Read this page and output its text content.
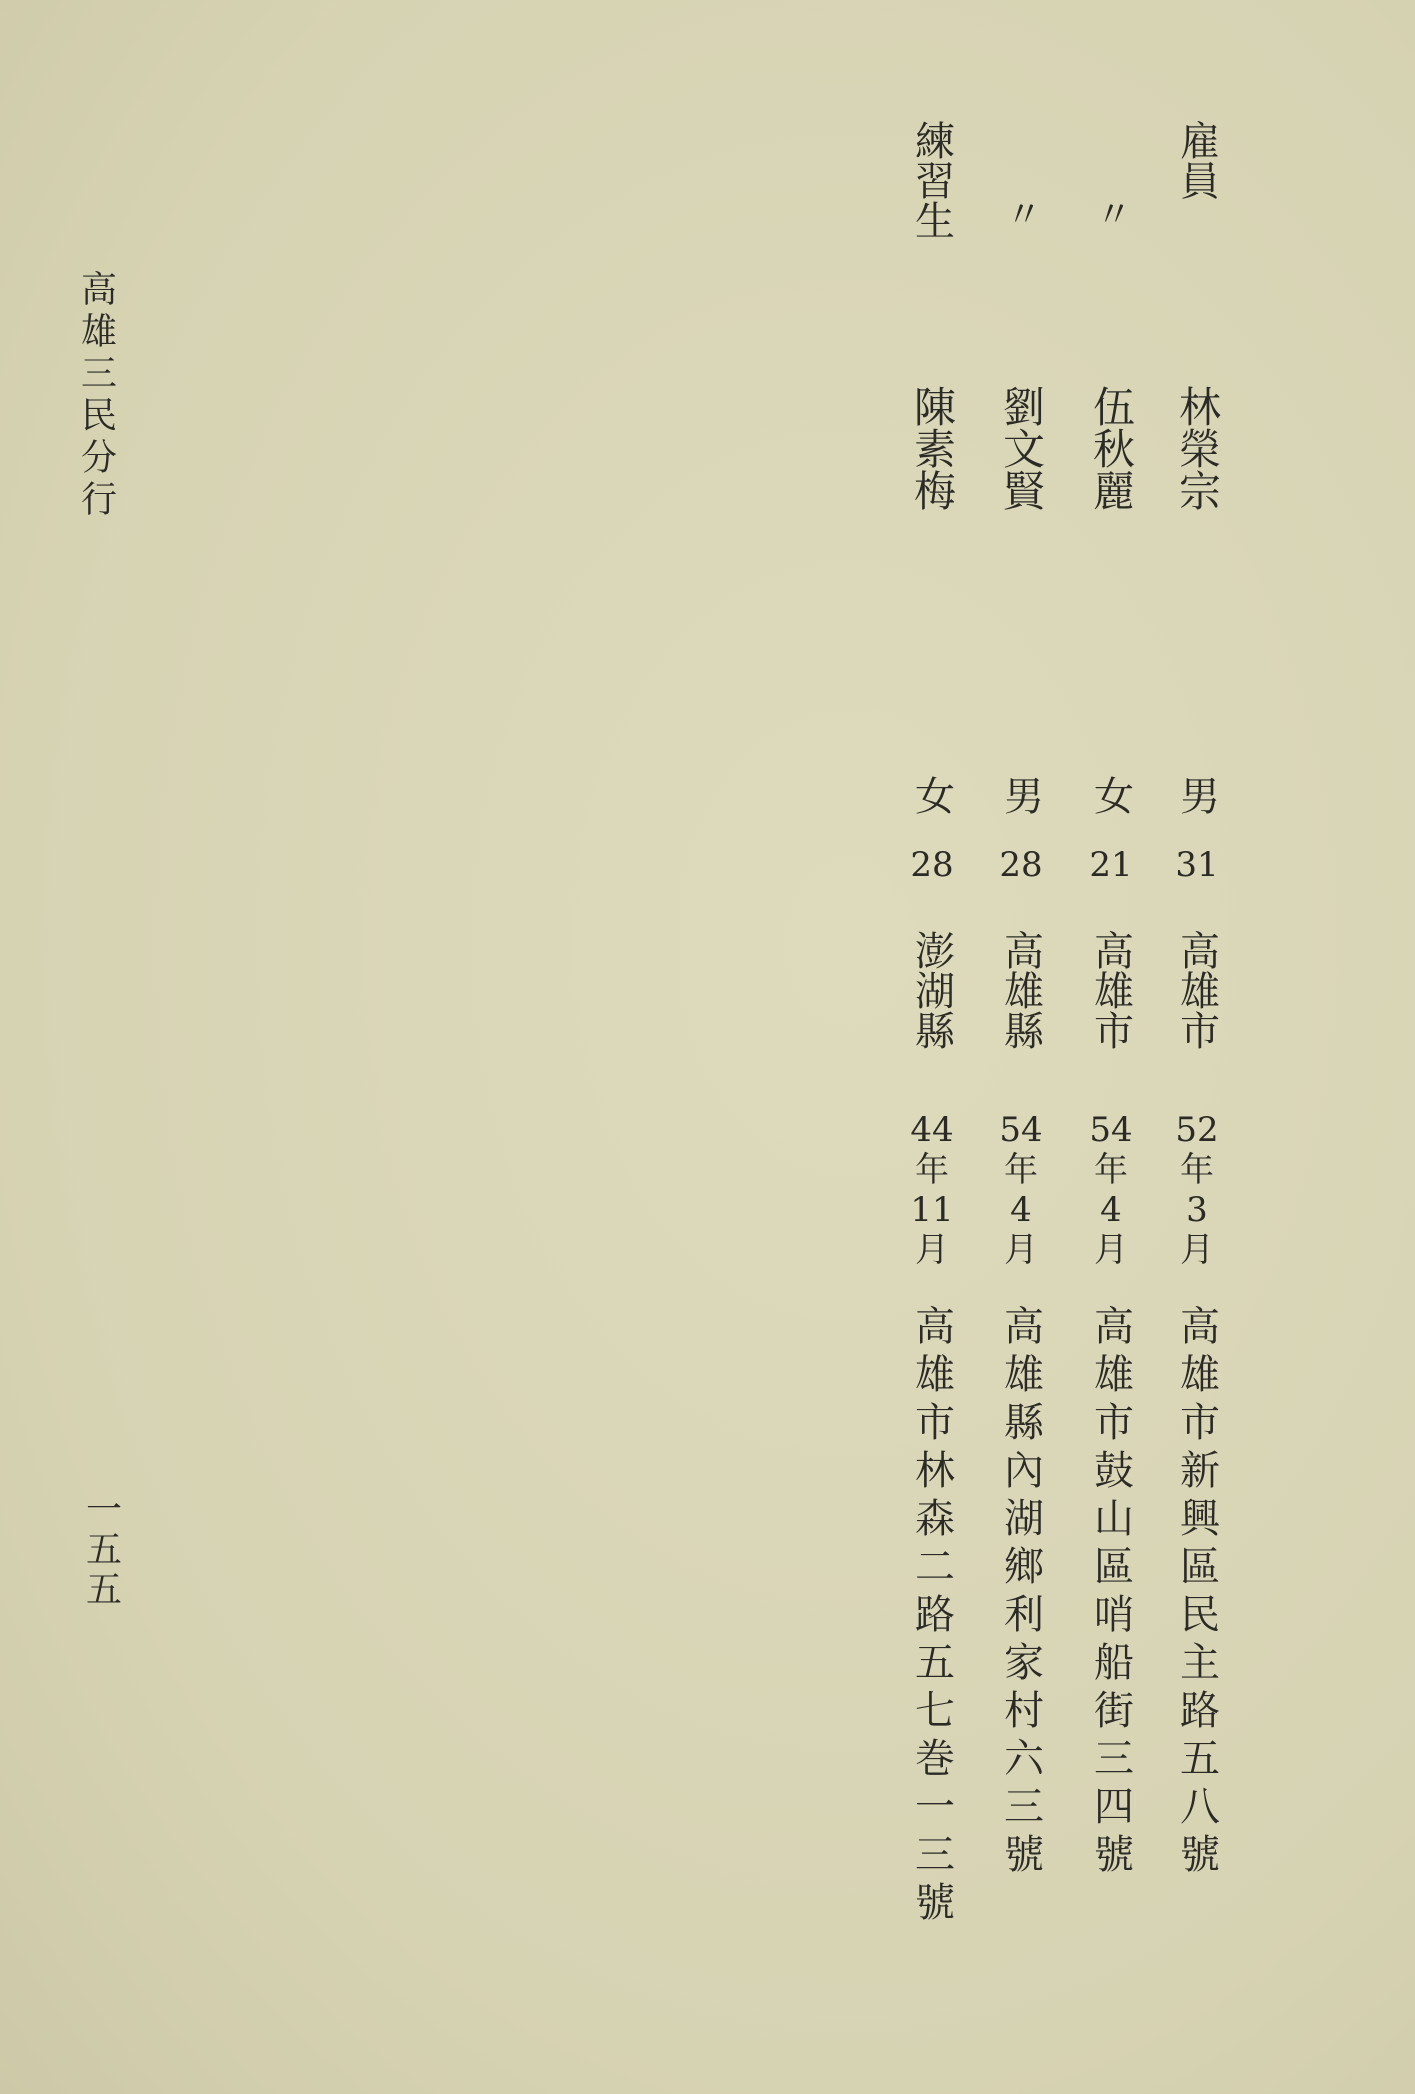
高雄三民分行
一五五
雇員
林榮宗
男
31
高雄市
52
年
3
月
高雄市新興區民主路五八號
〃
伍秋麗
女
21
高雄市
54
年
4
月
高雄市鼓山區哨船街三四號
〃
劉文賢
男
28
高雄縣
54
年
4
月
高雄縣內湖鄉利家村六三號
練習生
陳素梅
女
28
澎湖縣
44
年
11
月
高雄市林森二路五七巻一三號
